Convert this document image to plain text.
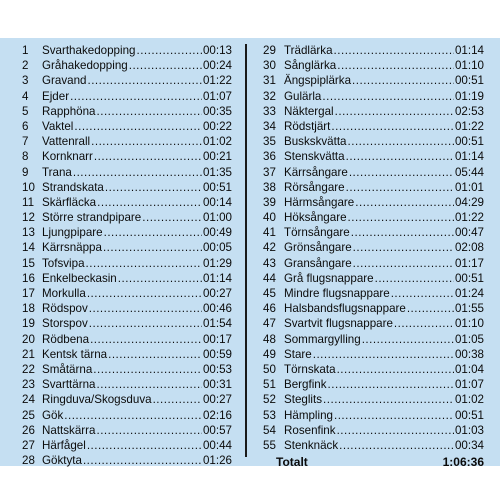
1	Svarthakedopping .....	00:13
2	Gråhakedopping .....	00:24
3	Gravand .....	01:22
4	Ejder .....	01:07
5	Rapphöna .....	00:35
6	Vaktel .....	00:22
7	Vattenrall .....	01:02
8	Kornknarr .....	00:21
9	Trana .....	01:35
10 Strandskata .....	00:51
11 Skärfläcka .....	00:14
12 Större strandpipare .....	01:00
13 Ljungpipare .....	00:49
14 Kärrsnäppa .....	00:05
15 Tofsvipa .....	01:29
16 Enkelbeckasin .....	01:14
17 Morkulla .....	00:27
18 Rödspov .....	00:46
19 Storspov .....	01:54
20 Rödbena .....	00:17
21 Kentsk tärna .....	00:59
22 Småtärna .....	00:53
23 Svarttärna .....	00:31
24 Ringduva/Skogsduva .....	00:27
25 Gök .....	02:16
26 Nattskärra .....	00:57
27 Härfågel .....	00:44
28 Göktyta .....	01:26
29 Trädlärka .....	01:14
30 Sånglärka .....	01:10
31 Ängspiplärka .....	00:51
32 Gulärla .....	01:19
33 Näktergal .....	02:53
34 Rödstjärt .....	01:22
35 Buskskvätta .....	00:51
36 Stenskvätta .....	01:14
37 Kärrsångare .....	05:44
38 Rörsångare .....	01:01
39 Härmsångare .....	04:29
40 Höksångare .....	01:22
41 Törnsångare .....	00:47
42 Grönsångare .....	02:08
43 Gransångare .....	01:17
44 Grå flugsnappare .....	00:51
45 Mindre flugsnappare .....	01:24
46 Halsbandsflugsnappare .....	01:55
47 Svartvit flugsnappare .....	01:10
48 Sommargylling .....	01:05
49 Stare .....	00:38
50 Törnskata .....	01:04
51 Bergfink .....	01:07
52 Steglits .....	01:02
53 Hämpling .....	00:51
54 Rosenfink .....	01:03
55 Stenknäck .....	00:34
Totalt	1:06:36
